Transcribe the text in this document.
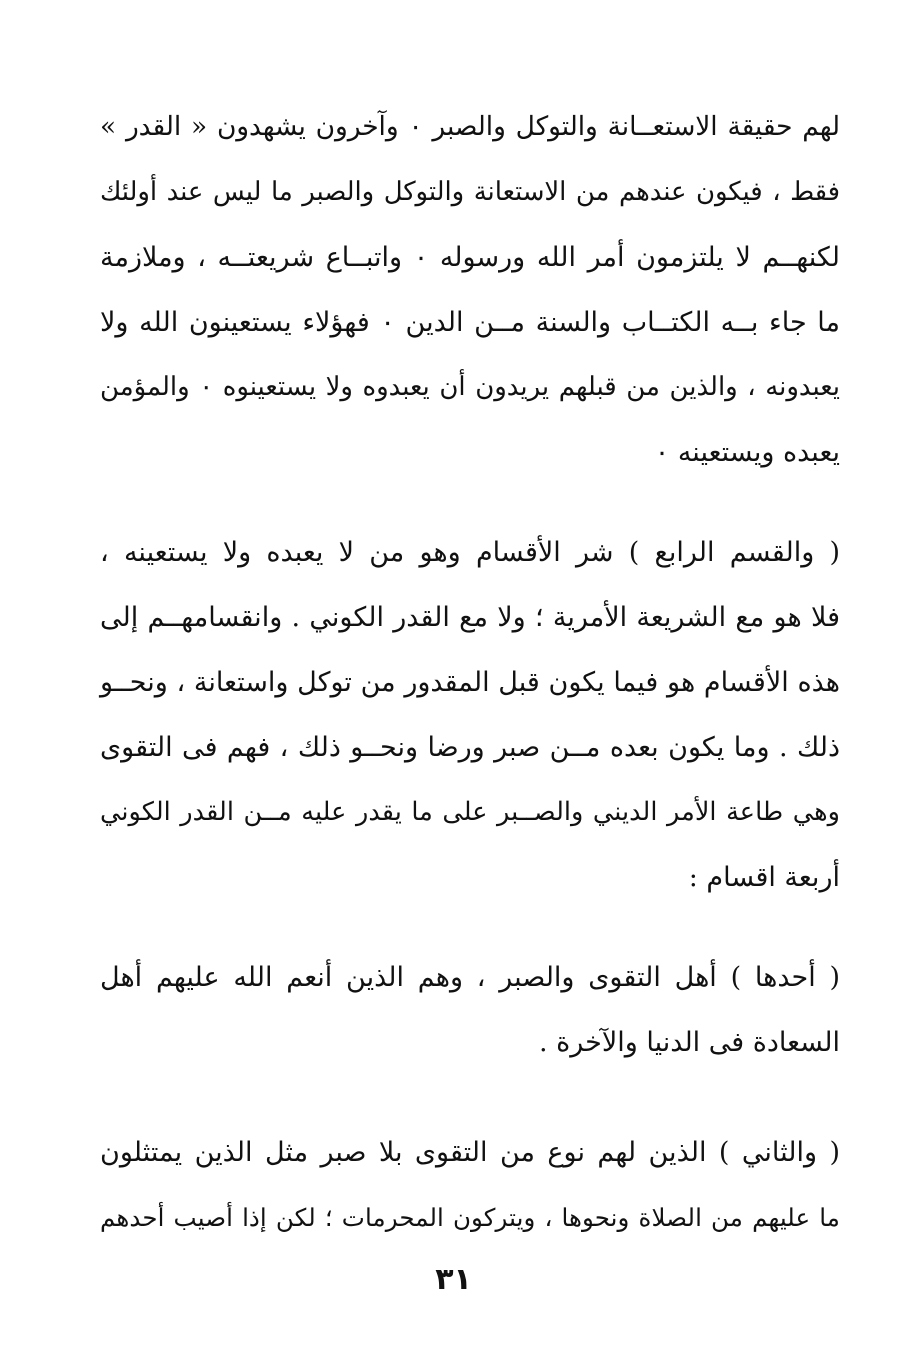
لهم حقيقة الاستعــانة والتوكل والصبر ٠ وآخرون يشهدون « القدر »
فقط ، فيكون عندهم من الاستعانة والتوكل والصبر ما ليس عند أولئك
لكنهــم لا يلتزمون أمر الله ورسوله ٠ واتبــاع شريعتــه ، وملازمة
ما جاء بــه الكتــاب والسنة مــن الدين ٠ فهؤلاء يستعينون الله ولا
يعبدونه ، والذين من قبلهم يريدون أن يعبدوه ولا يستعينوه ٠ والمؤمن
يعبده ويستعينه ٠
( والقسم الرابع ) شر الأقسام وهو من لا يعبده ولا يستعينه ،
فلا هو مع الشريعة الأمرية ؛ ولا مع القدر الكوني . وانقسامهــم إلى
هذه الأقسام هو فيما يكون قبل المقدور من توكل واستعانة ، ونحــو
ذلك . وما يكون بعده مــن صبر ورضا ونحــو ذلك ، فهم فى التقوى
وهي طاعة الأمر الديني والصــبر على ما يقدر عليه مــن القدر الكوني
أربعة اقسام :
( أحدها ) أهل التقوى والصبر ، وهم الذين أنعم الله عليهم أهل
السعادة فى الدنيا والآخرة .
( والثاني ) الذين لهم نوع من التقوى بلا صبر مثل الذين يمتثلون
ما عليهم من الصلاة ونحوها ، ويتركون المحرمات ؛ لكن إذا أصيب أحدهم
٣١
